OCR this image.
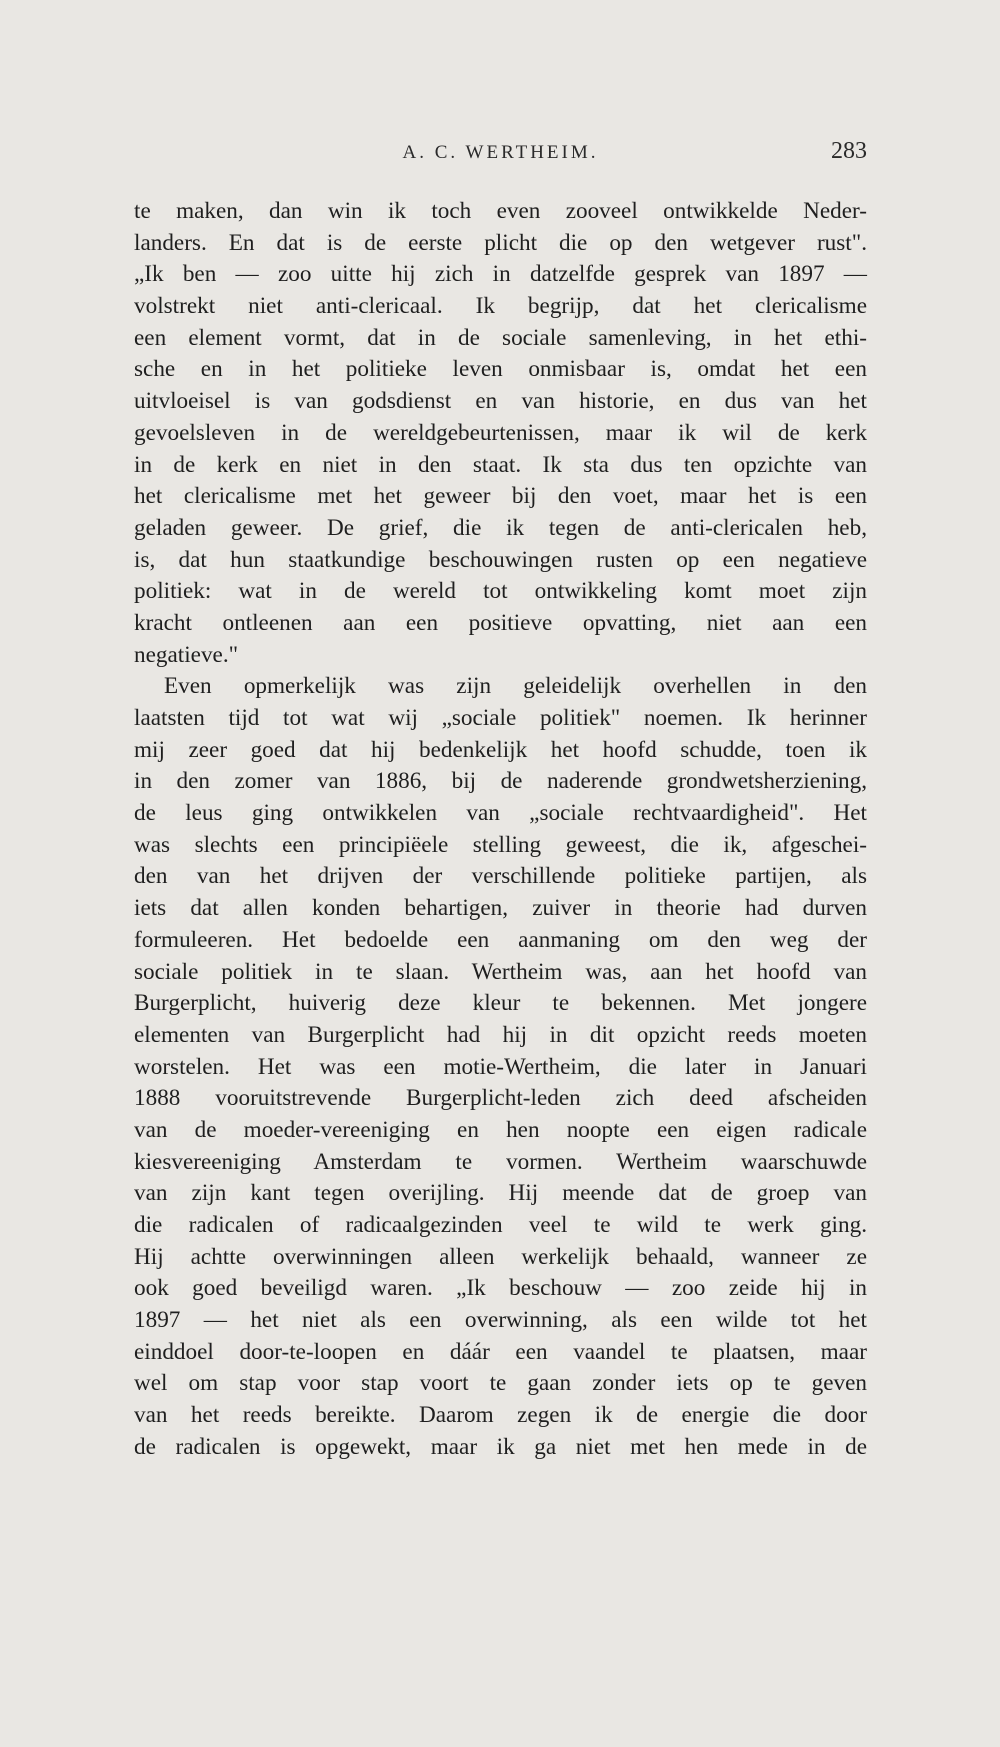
A. C. WERTHEIM.	283
te maken, dan win ik toch even zooveel ontwikkelde Neder-
landers. En dat is de eerste plicht die op den wetgever rust".
„Ik ben — zoo uitte hij zich in datzelfde gesprek van 1897 —
volstrekt niet anti-clericaal. Ik begrijp, dat het clericalisme
een element vormt, dat in de sociale samenleving, in het ethi-
sche en in het politieke leven onmisbaar is, omdat het een
uitvloeisel is van godsdienst en van historie, en dus van het
gevoelsleven in de wereldgebeurtenissen, maar ik wil de kerk
in de kerk en niet in den staat. Ik sta dus ten opzichte van
het clericalisme met het geweer bij den voet, maar het is een
geladen geweer. De grief, die ik tegen de anti-clericalen heb,
is, dat hun staatkundige beschouwingen rusten op een negatieve
politiek: wat in de wereld tot ontwikkeling komt moet zijn
kracht ontleenen aan een positieve opvatting, niet aan een
negatieve."
Even opmerkelijk was zijn geleidelijk overhellen in den
laatsten tijd tot wat wij „sociale politiek" noemen. Ik herinner
mij zeer goed dat hij bedenkelijk het hoofd schudde, toen ik
in den zomer van 1886, bij de naderende grondwetsherziening,
de leus ging ontwikkelen van „sociale rechtvaardigheid". Het
was slechts een principiëele stelling geweest, die ik, afgeschei-
den van het drijven der verschillende politieke partijen, als
iets dat allen konden behartigen, zuiver in theorie had durven
formuleeren. Het bedoelde een aanmaning om den weg der
sociale politiek in te slaan. Wertheim was, aan het hoofd van
Burgerplicht, huiverig deze kleur te bekennen. Met jongere
elementen van Burgerplicht had hij in dit opzicht reeds moeten
worstelen. Het was een motie-Wertheim, die later in Januari
1888 vooruitstrevende Burgerplicht-leden zich deed afscheiden
van de moeder-vereeniging en hen noopte een eigen radicale
kiesvereeniging Amsterdam te vormen. Wertheim waarschuwde
van zijn kant tegen overijling. Hij meende dat de groep van
die radicalen of radicaalgezinden veel te wild te werk ging.
Hij achtte overwinningen alleen werkelijk behaald, wanneer ze
ook goed beveiligd waren. „Ik beschouw — zoo zeide hij in
1897 — het niet als een overwinning, als een wilde tot het
einddoel door-te-loopen en dáár een vaandel te plaatsen, maar
wel om stap voor stap voort te gaan zonder iets op te geven
van het reeds bereikte. Daarom zegen ik de energie die door
de radicalen is opgewekt, maar ik ga niet met hen mede in de
